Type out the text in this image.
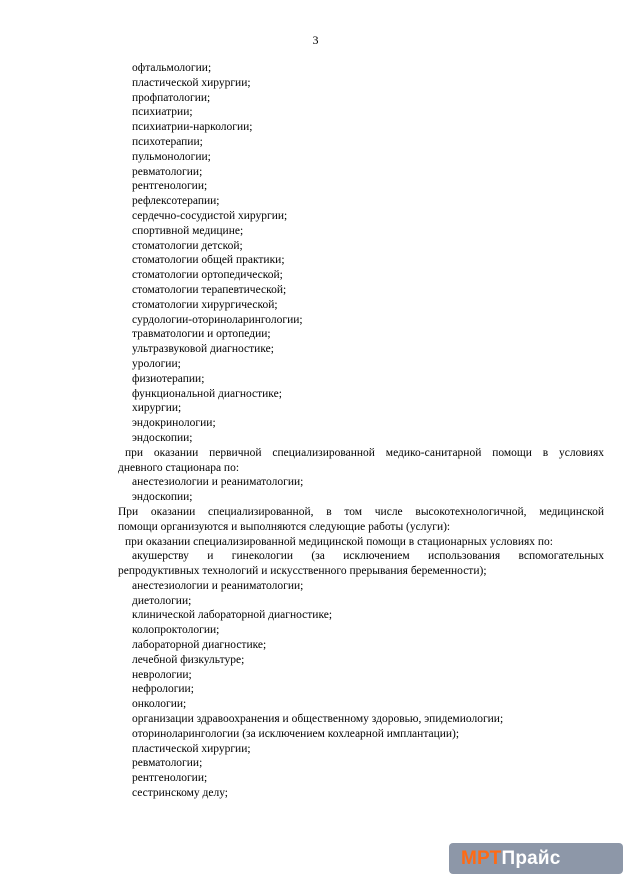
3
офтальмологии;
пластической хирургии;
профпатологии;
психиатрии;
психиатрии-наркологии;
психотерапии;
пульмонологии;
ревматологии;
рентгенологии;
рефлексотерапии;
сердечно-сосудистой хирургии;
спортивной медицине;
стоматологии детской;
стоматологии общей практики;
стоматологии ортопедической;
стоматологии терапевтической;
стоматологии хирургической;
сурдологии-оториноларингологии;
травматологии и ортопедии;
ультразвуковой диагностике;
урологии;
физиотерапии;
функциональной диагностике;
хирургии;
эндокринологии;
эндоскопии;
при оказании первичной специализированной медико-санитарной помощи в условиях
дневного стационара по:
анестезиологии и реаниматологии;
эндоскопии;
При оказании специализированной, в том числе высокотехнологичной, медицинской
помощи организуются и выполняются следующие работы (услуги):
при оказании специализированной медицинской помощи в стационарных условиях по:
акушерству и гинекологии (за исключением использования вспомогательных
репродуктивных технологий и искусственного прерывания беременности);
анестезиологии и реаниматологии;
диетологии;
клинической лабораторной диагностике;
колопроктологии;
лабораторной диагностике;
лечебной физкультуре;
неврологии;
нефрологии;
онкологии;
организации здравоохранения и общественному здоровью, эпидемиологии;
оториноларингологии (за исключением кохлеарной имплантации);
пластической хирургии;
ревматологии;
рентгенологии;
сестринскому делу;
МРТ Прайс
